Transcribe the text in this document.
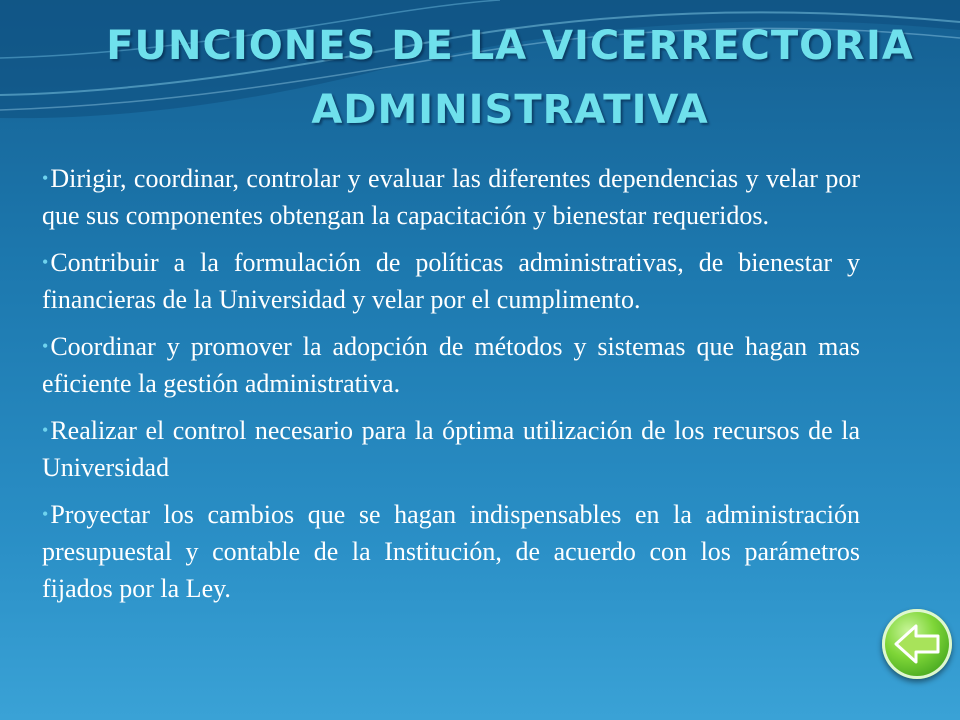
FUNCIONES DE LA VICERRECTORIA ADMINISTRATIVA
•Dirigir, coordinar, controlar y evaluar las diferentes dependencias y velar por que sus componentes obtengan la capacitación y bienestar requeridos.
•Contribuir a la formulación de políticas administrativas, de bienestar y financieras de la Universidad y velar por el cumplimento.
•Coordinar y promover la adopción de métodos y sistemas que hagan mas eficiente la gestión administrativa.
•Realizar el control necesario para la óptima utilización de los recursos de la Universidad
•Proyectar los cambios que se hagan indispensables en la administración presupuestal y contable de la Institución, de acuerdo con los parámetros fijados por la Ley.
